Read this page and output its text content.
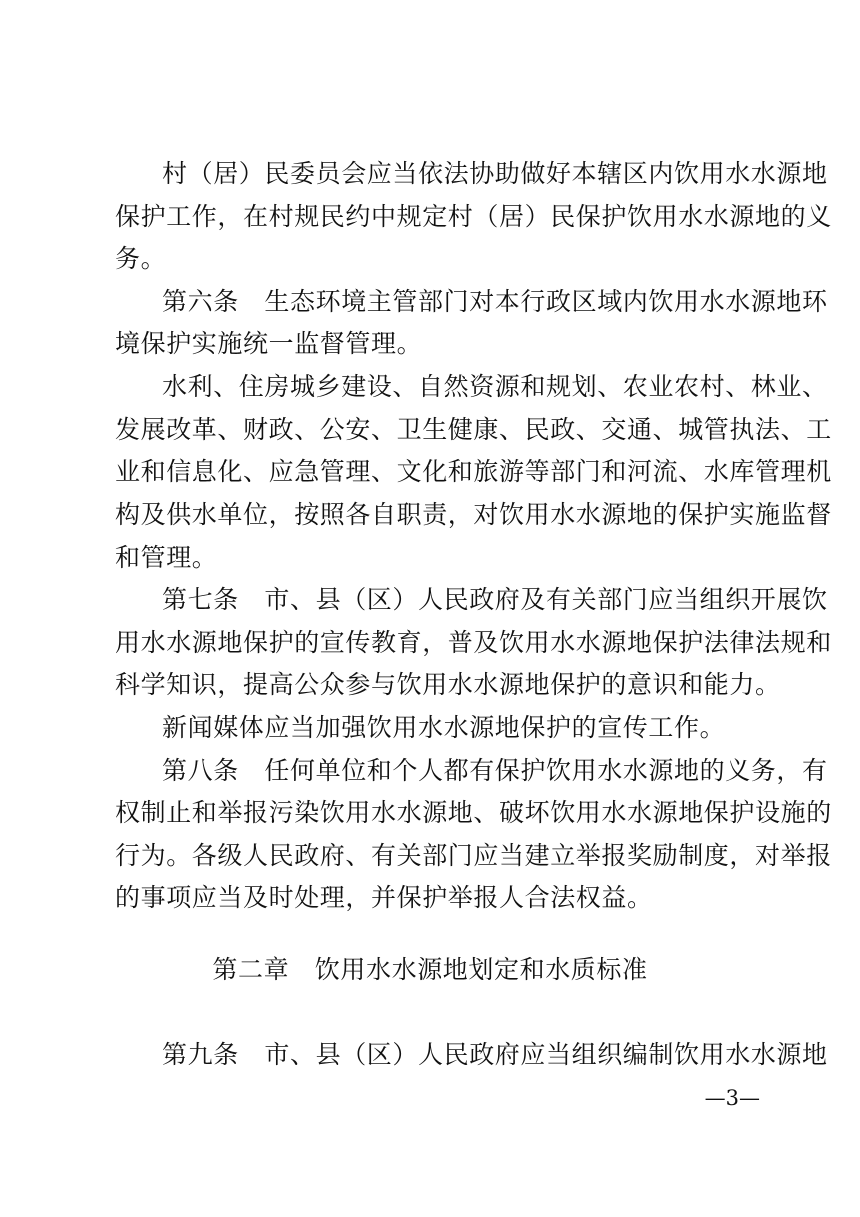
村（居）民委员会应当依法协助做好本辖区内饮用水水源地
保护工作，在村规民约中规定村（居）民保护饮用水水源地的义
务。
第六条　生态环境主管部门对本行政区域内饮用水水源地环
境保护实施统一监督管理。
水利、住房城乡建设、自然资源和规划、农业农村、林业、
发展改革、财政、公安、卫生健康、民政、交通、城管执法、工
业和信息化、应急管理、文化和旅游等部门和河流、水库管理机
构及供水单位，按照各自职责，对饮用水水源地的保护实施监督
和管理。
第七条　市、县（区）人民政府及有关部门应当组织开展饮
用水水源地保护的宣传教育，普及饮用水水源地保护法律法规和
科学知识，提高公众参与饮用水水源地保护的意识和能力。
新闻媒体应当加强饮用水水源地保护的宣传工作。
第八条　任何单位和个人都有保护饮用水水源地的义务，有
权制止和举报污染饮用水水源地、破坏饮用水水源地保护设施的
行为。各级人民政府、有关部门应当建立举报奖励制度，对举报
的事项应当及时处理，并保护举报人合法权益。
第二章　饮用水水源地划定和水质标准
第九条　市、县（区）人民政府应当组织编制饮用水水源地
—3—
